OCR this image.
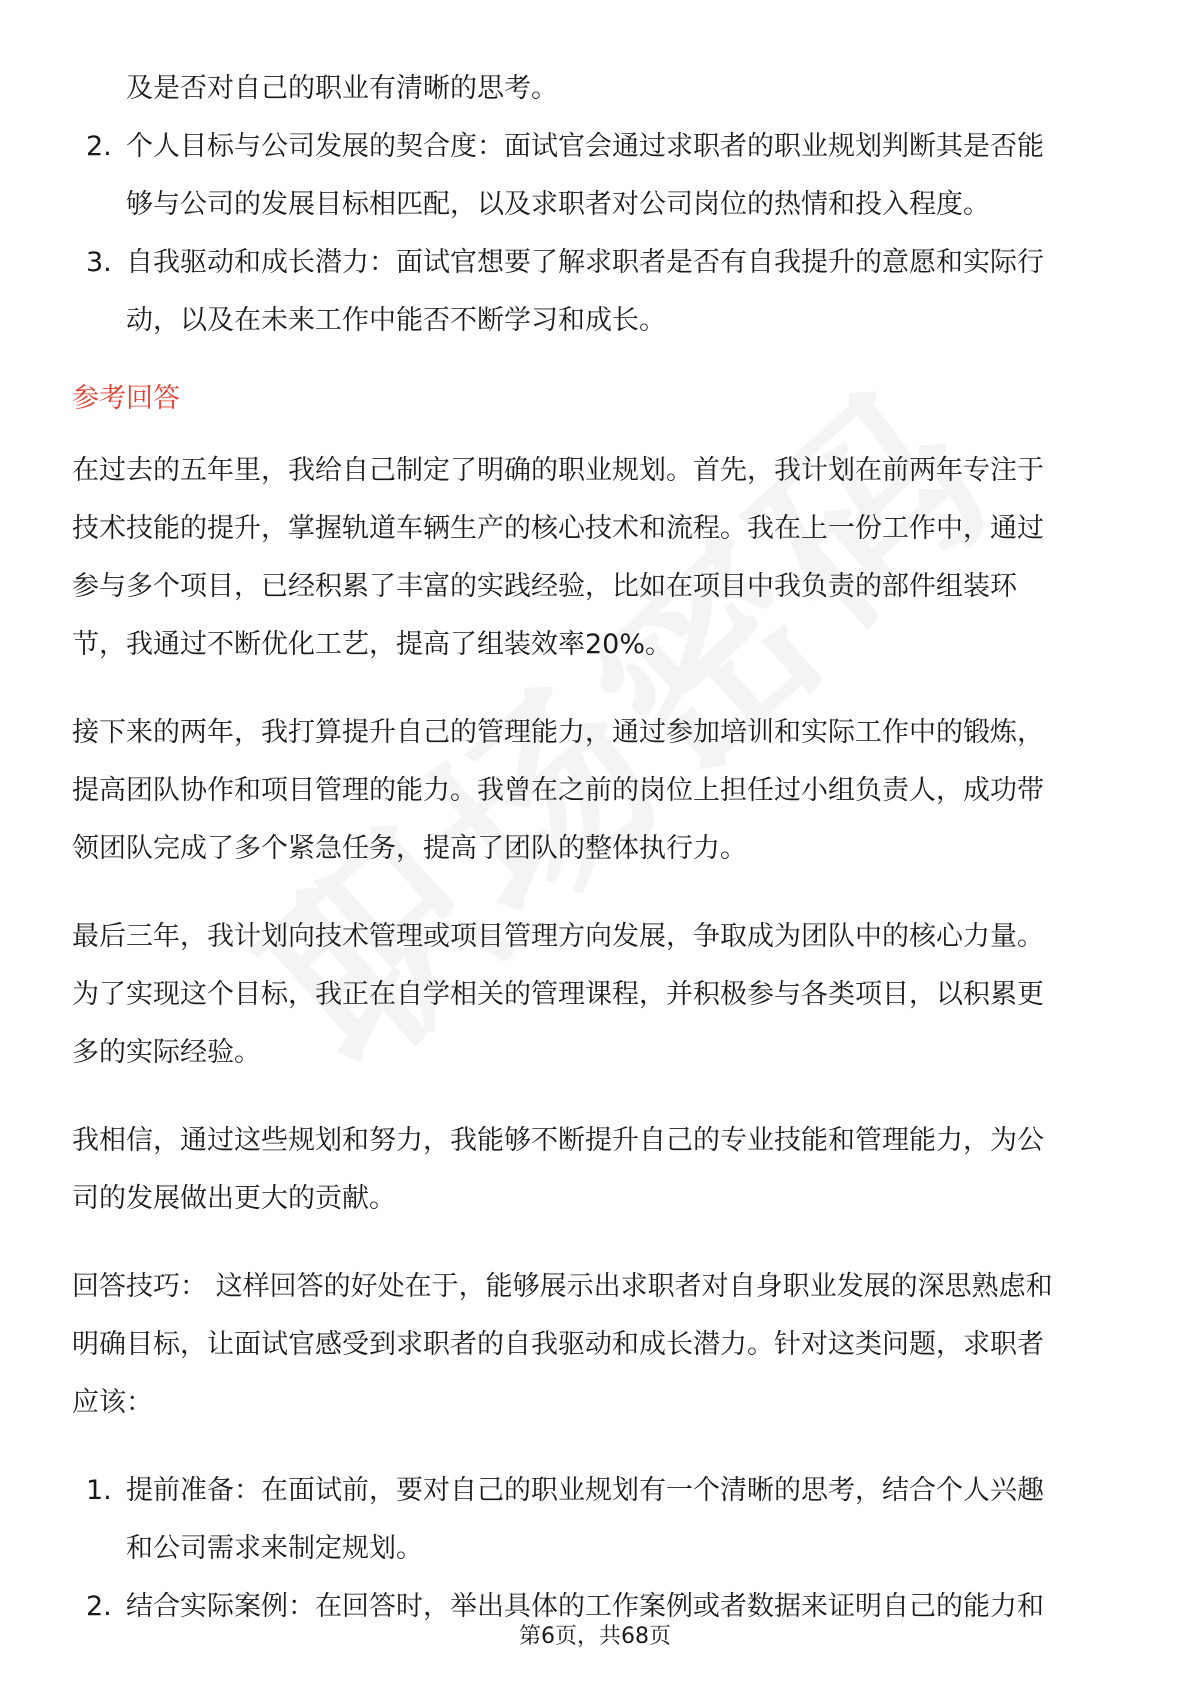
及是否对自己的职业有清晰的思考。

2. 个人目标与公司发展的契合度：面试官会通过求职者的职业规划判断其是否能

够与公司的发展目标相匹配，以及求职者对公司岗位的热情和投入程度。

3. 自我驱动和成长潜力：面试官想要了解求职者是否有自我提升的意愿和实际行

动，以及在未来工作中能否不断学习和成长。

参考回答

在过去的五年里，我给自己制定了明确的职业规划。首先，我计划在前两年专注于

技术技能的提升，掌握轨道车辆生产的核心技术和流程。我在上一份工作中，通过

参与多个项目，已经积累了丰富的实践经验，比如在项目中我负责的部件组装环

节，我通过不断优化工艺，提高了组装效率20%。

接下来的两年，我打算提升自己的管理能力，通过参加培训和实际工作中的锻炼，

提高团队协作和项目管理的能力。我曾在之前的岗位上担任过小组负责人，成功带

领团队完成了多个紧急任务，提高了团队的整体执行力。

最后三年，我计划向技术管理或项目管理方向发展，争取成为团队中的核心力量。

为了实现这个目标，我正在自学相关的管理课程，并积极参与各类项目，以积累更

多的实际经验。

我相信，通过这些规划和努力，我能够不断提升自己的专业技能和管理能力，为公

司的发展做出更大的贡献。

回答技巧： 这样回答的好处在于，能够展示出求职者对自身职业发展的深思熟虑和

明确目标，让面试官感受到求职者的自我驱动和成长潜力。针对这类问题，求职者

应该：

1. 提前准备：在面试前，要对自己的职业规划有一个清晰的思考，结合个人兴趣

和公司需求来制定规划。

2. 结合实际案例：在回答时，举出具体的工作案例或者数据来证明自己的能力和

第6页，共68页
